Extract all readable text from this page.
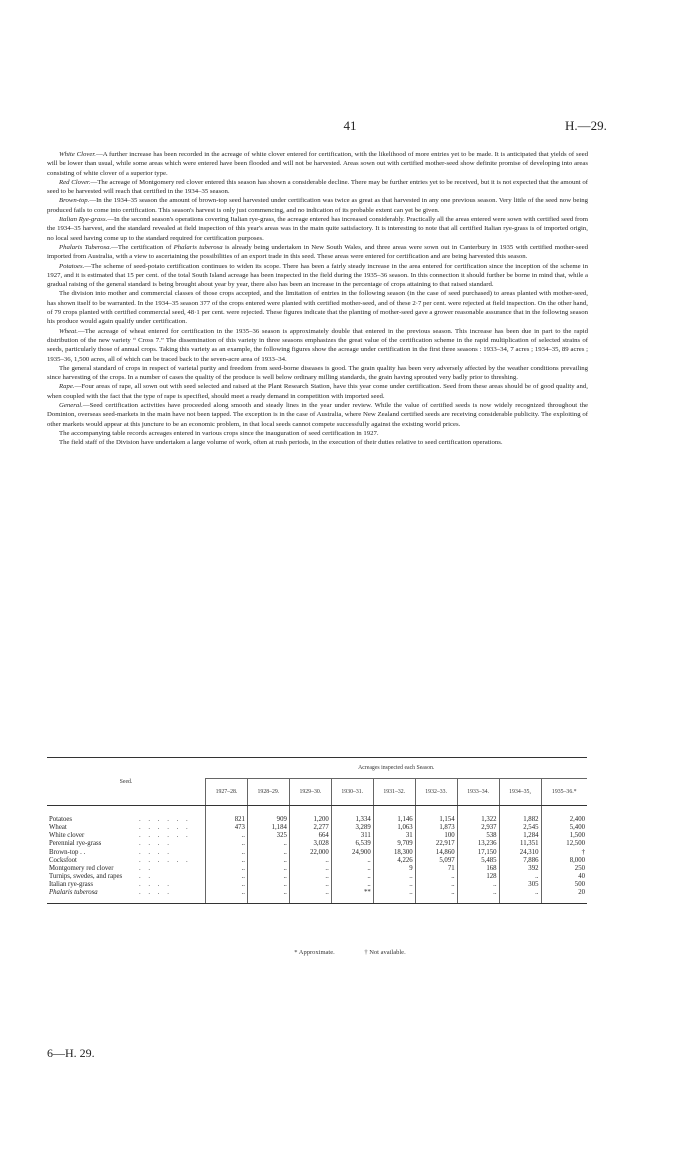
41	H.—29.

White Clover.—A further increase has been recorded in the acreage of white clover entered for certification, with the likelihood of more entries yet to be made. It is anticipated that yields of seed will be lower than usual, while some areas which were entered have been flooded and will not be harvested. Areas sown out with certified mother-seed show definite promise of developing into areas consisting of white clover of a superior type.

Red Clover.—The acreage of Montgomery red clover entered this season has shown a considerable decline. There may be further entries yet to be received, but it is not expected that the amount of seed to be harvested will reach that certified in the 1934–35 season.

Brown-top.—In the 1934–35 season the amount of brown-top seed harvested under certification was twice as great as that harvested in any one previous season. Very little of the seed now being produced fails to come into certification. This season's harvest is only just commencing, and no indication of its probable extent can yet be given.

Italian Rye-grass.—In the second season's operations covering Italian rye-grass, the acreage entered has increased considerably. Practically all the areas entered were sown with certified seed from the 1934–35 harvest, and the standard revealed at field inspection of this year's areas was in the main quite satisfactory. It is interesting to note that all certified Italian rye-grass is of imported origin, no local seed having come up to the standard required for certification purposes.

Phalaris Tuberosa.—The certification of Phalaris tuberosa is already being undertaken in New South Wales, and three areas were sown out in Canterbury in 1935 with certified mother-seed imported from Australia, with a view to ascertaining the possibilities of an export trade in this seed. These areas were entered for certification and are being harvested this season.

Potatoes.—The scheme of seed-potato certification continues to widen its scope. There has been a fairly steady increase in the area entered for certification since the inception of the scheme in 1927, and it is estimated that 15 per cent. of the total South Island acreage has been inspected in the field during the 1935–36 season. In this connection it should further be borne in mind that, while a gradual raising of the general standard is being brought about year by year, there also has been an increase in the percentage of crops attaining to that raised standard.

The division into mother and commercial classes of those crops accepted, and the limitation of entries in the following season (in the case of seed purchased) to areas planted with mother-seed, has shown itself to be warranted. In the 1934–35 season 377 of the crops entered were planted with certified mother-seed, and of these 2·7 per cent. were rejected at field inspection. On the other hand, of 79 crops planted with certified commercial seed, 48·1 per cent. were rejected. These figures indicate that the planting of mother-seed gave a grower reasonable assurance that in the following season his produce would again qualify under certification.

Wheat.—The acreage of wheat entered for certification in the 1935–36 season is approximately double that entered in the previous season. This increase has been due in part to the rapid distribution of the new variety “ Cross 7.” The dissemination of this variety in three seasons emphasizes the great value of the certification scheme in the rapid multiplication of selected strains of seeds, particularly those of annual crops. Taking this variety as an example, the following figures show the acreage under certification in the first three seasons : 1933–34, 7 acres ; 1934–35, 89 acres ; 1935–36, 1,500 acres, all of which can be traced back to the seven-acre area of 1933–34.

The general standard of crops in respect of varietal purity and freedom from seed-borne diseases is good. The grain quality has been very adversely affected by the weather conditions prevailing since harvesting of the crops. In a number of cases the quality of the produce is well below ordinary milling standards, the grain having sprouted very badly prior to threshing.

Rape.—Four areas of rape, all sown out with seed selected and raised at the Plant Research Station, have this year come under certification. Seed from these areas should be of good quality and, when coupled with the fact that the type of rape is specified, should meet a ready demand in competition with imported seed.

General.—Seed certification activities have proceeded along smooth and steady lines in the year under review. While the value of certified seeds is now widely recognized throughout the Dominion, overseas seed-markets in the main have not been tapped. The exception is in the case of Australia, where New Zealand certified seeds are receiving considerable publicity. The exploiting of other markets would appear at this juncture to be an economic problem, in that local seeds cannot compete successfully against the existing world prices.

The accompanying table records acreages entered in various crops since the inauguration of seed certification in 1927.

The field staff of the Division have undertaken a large volume of work, often at rush periods, in the execution of their duties relative to seed certification operations.

Seed.	Acreages inspected each Season.								
	1927–28.	1928–29.	1929–30.	1930–31.	1931–32.	1932–33.	1933–34.	1934–35,	1935–36.*

Potatoes . . . . . .	821	909	1,200	1,334	1,146	1,154	1,322	1,882	2,400
Wheat . . . . . .	473	1,184	2,277	3,289	1,063	1,873	2,937	2,545	5,400
White clover . . . . . .	..	325	664	311	31	100	538	1,284	1,500
Perennial rye-grass . . . .	..	..	3,028	6,539	9,709	22,917	13,236	11,351	12,500
Brown-top . . . . . .	..	..	22,000	24,900	18,300	14,860	17,150	24,310	†
Cocksfoot . . . . . .	..	..	..	..	4,226	5,097	5,485	7,886	8,000
Montgomery red clover . .	..	..	..	..	9	71	168	392	250
Turnips, swedes, and rapes . .	..	..	..	..	..	..	128	..	40
Italian rye-grass . . . .	..	..	..	..	..	..	..	305	500
Phalaris tuberosa . . . .	..	..	..	**	..	..	..	..	20
* Approximate.	† Not available.
6—H. 29.
